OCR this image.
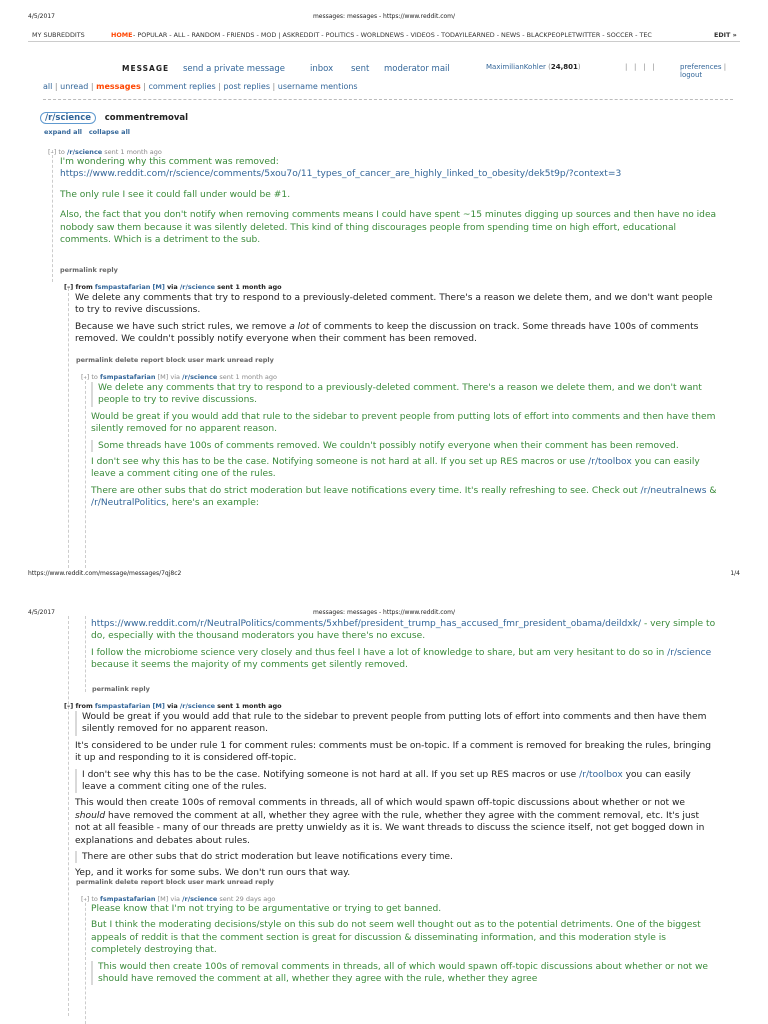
4/5/2017	messages: messages - https://www.reddit.com/
MY SUBREDDITS	HOME - POPULAR - ALL - RANDOM - FRIENDS - MOD | ASKREDDIT - POLITICS - WORLDNEWS - VIDEOS - TODAYILEARNED - NEWS - BLACKPEOPLETWITTER - SOCCER - TEC	EDIT »
MESSAGE send a private message	inbox sent moderator mail	MaximilianKohler (24,801)	|   |   |   |	preferences | logout
all | unread | messages | comment replies | post replies | username mentions
/r/science commentremoval
expand all collapse all
[–] to /r/science sent 1 month ago
I'm wondering why this comment was removed:
https://www.reddit.com/r/science/comments/5xou7o/11_types_of_cancer_are_highly_linked_to_obesity/dek5t9p/?context=3
The only rule I see it could fall under would be #1.
Also, the fact that you don't notify when removing comments means I could have spent ~15 minutes digging up sources and then have no idea nobody saw them because it was silently deleted. This kind of thing discourages people from spending time on high effort, educational comments. Which is a detriment to the sub.
permalink reply
[–] from fsmpastafarian [M] via /r/science sent 1 month ago
We delete any comments that try to respond to a previously-deleted comment. There's a reason we delete them, and we don't want people to try to revive discussions.
Because we have such strict rules, we remove a lot of comments to keep the discussion on track. Some threads have 100s of comments removed. We couldn't possibly notify everyone when their comment has been removed.
permalink delete report block user mark unread reply
[–] to fsmpastafarian [M] via /r/science sent 1 month ago
We delete any comments that try to respond to a previously-deleted comment. There's a reason we delete them, and we don't want people to try to revive discussions.
Would be great if you would add that rule to the sidebar to prevent people from putting lots of effort into comments and then have them silently removed for no apparent reason.
Some threads have 100s of comments removed. We couldn't possibly notify everyone when their comment has been removed.
I don't see why this has to be the case. Notifying someone is not hard at all. If you set up RES macros or use /r/toolbox you can easily leave a comment citing one of the rules.
There are other subs that do strict moderation but leave notifications every time. It's really refreshing to see. Check out /r/neutralnews & /r/NeutralPolitics, here's an example:
https://www.reddit.com/message/messages/7qj8c2	1/4
4/5/2017	messages: messages - https://www.reddit.com/
https://www.reddit.com/r/NeutralPolitics/comments/5xhbef/president_trump_has_accused_fmr_president_obama/deildxk/ - very simple to do, especially with the thousand moderators you have there's no excuse.
I follow the microbiome science very closely and thus feel I have a lot of knowledge to share, but am very hesitant to do so in /r/science because it seems the majority of my comments get silently removed.
permalink reply
[–] from fsmpastafarian [M] via /r/science sent 1 month ago
Would be great if you would add that rule to the sidebar to prevent people from putting lots of effort into comments and then have them silently removed for no apparent reason.
It's considered to be under rule 1 for comment rules: comments must be on-topic. If a comment is removed for breaking the rules, bringing it up and responding to it is considered off-topic.
I don't see why this has to be the case. Notifying someone is not hard at all. If you set up RES macros or use /r/toolbox you can easily leave a comment citing one of the rules.
This would then create 100s of removal comments in threads, all of which would spawn off-topic discussions about whether or not we should have removed the comment at all, whether they agree with the rule, whether they agree with the comment removal, etc. It's just not at all feasible - many of our threads are pretty unwieldy as it is. We want threads to discuss the science itself, not get bogged down in explanations and debates about rules.
There are other subs that do strict moderation but leave notifications every time.
Yep, and it works for some subs. We don't run ours that way.
permalink delete report block user mark unread reply
[–] to fsmpastafarian [M] via /r/science sent 29 days ago
Please know that I'm not trying to be argumentative or trying to get banned.
But I think the moderating decisions/style on this sub do not seem well thought out as to the potential detriments. One of the biggest appeals of reddit is that the comment section is great for discussion & disseminating information, and this moderation style is completely destroying that.
This would then create 100s of removal comments in threads, all of which would spawn off-topic discussions about whether or not we should have removed the comment at all, whether they agree with the rule, whether they agree
